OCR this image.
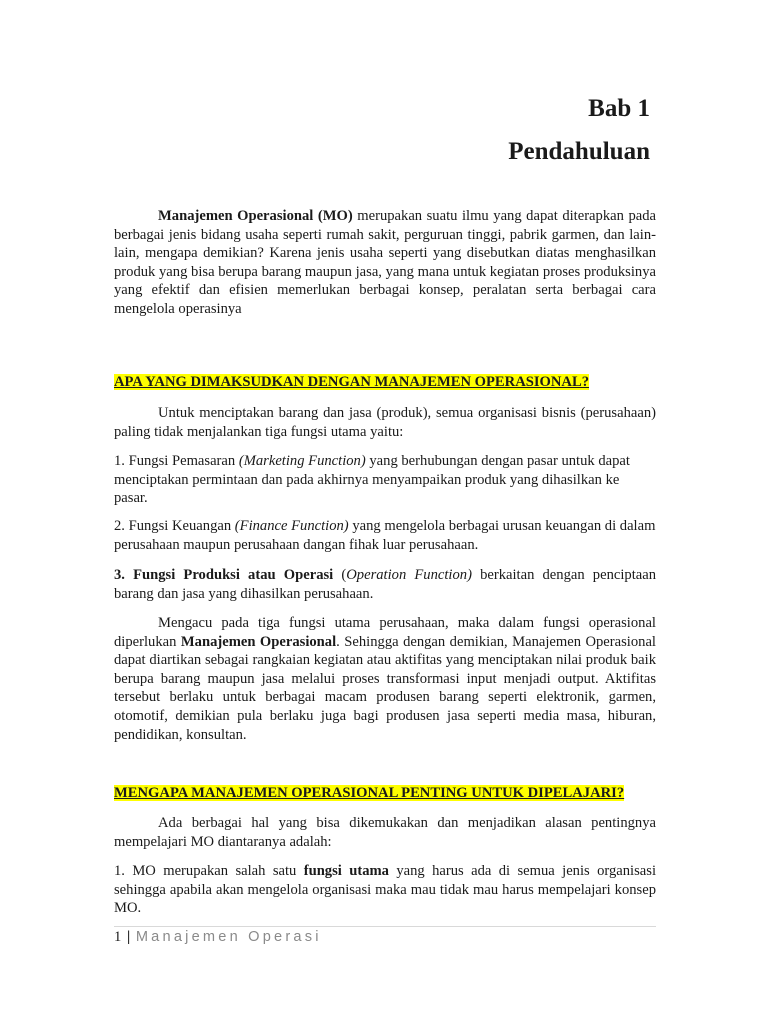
Bab 1
Pendahuluan

Manajemen Operasional (MO) merupakan suatu ilmu yang dapat diterapkan pada berbagai jenis bidang usaha seperti rumah sakit, perguruan tinggi, pabrik garmen, dan lain-lain, mengapa demikian? Karena jenis usaha seperti yang disebutkan diatas menghasilkan produk yang bisa berupa barang maupun jasa, yang mana untuk kegiatan proses produksinya yang efektif dan efisien memerlukan berbagai konsep, peralatan serta berbagai cara mengelola operasinya

APA YANG DIMAKSUDKAN DENGAN MANAJEMEN OPERASIONAL?

Untuk menciptakan barang dan jasa (produk), semua organisasi bisnis (perusahaan) paling tidak menjalankan tiga fungsi utama yaitu:

1. Fungsi Pemasaran (Marketing Function) yang berhubungan dengan pasar untuk dapat menciptakan permintaan dan pada akhirnya menyampaikan produk yang dihasilkan ke pasar.

2. Fungsi Keuangan (Finance Function) yang mengelola berbagai urusan keuangan di dalam perusahaan maupun perusahaan dangan fihak luar perusahaan.

3. Fungsi Produksi atau Operasi (Operation Function) berkaitan dengan penciptaan barang dan jasa yang dihasilkan perusahaan.

Mengacu pada tiga fungsi utama perusahaan, maka dalam fungsi operasional diperlukan Manajemen Operasional. Sehingga dengan demikian, Manajemen Operasional dapat diartikan sebagai rangkaian kegiatan atau aktifitas yang menciptakan nilai produk baik berupa barang maupun jasa melalui proses transformasi input menjadi output. Aktifitas tersebut berlaku untuk berbagai macam produsen barang seperti elektronik, garmen, otomotif, demikian pula berlaku juga bagi produsen jasa seperti media masa, hiburan, pendidikan, konsultan.

MENGAPA MANAJEMEN OPERASIONAL PENTING UNTUK DIPELAJARI?

Ada berbagai hal yang bisa dikemukakan dan menjadikan alasan pentingnya mempelajari MO diantaranya adalah:

1. MO merupakan salah satu fungsi utama yang harus ada di semua jenis organisasi sehingga apabila akan mengelola organisasi maka mau tidak mau harus mempelajari konsep MO.

1 | Manajemen Operasi
